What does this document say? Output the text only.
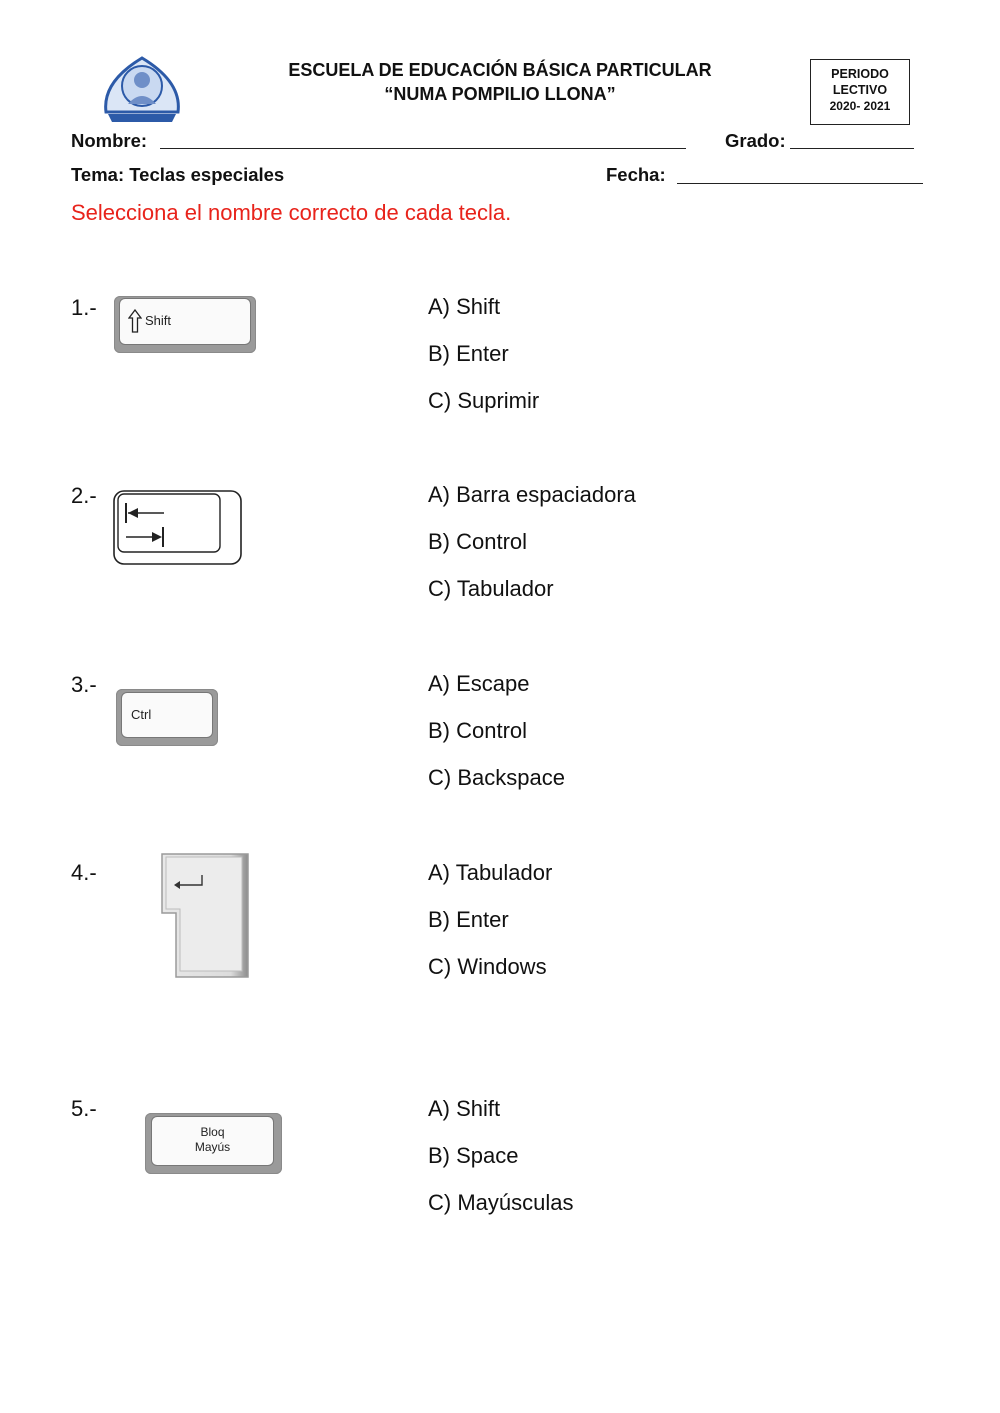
ESCUELA DE EDUCACIÓN BÁSICA PARTICULAR
“NUMA POMPILIO LLONA”
PERIODO
LECTIVO
2020- 2021
Nombre:	Grado:
Tema: Teclas especiales	Fecha:
Selecciona el nombre correcto de cada tecla.
1.-
Shift
A) Shift
B) Enter
C) Suprimir
2.-	A) Barra espaciadora
B) Control
C) Tabulador
3.-
Ctrl
A) Escape
B) Control
C) Backspace
4.-	A) Tabulador
B) Enter
C) Windows
5.-
Bloq
Mayús
A) Shift
B) Space
C) Mayúsculas
